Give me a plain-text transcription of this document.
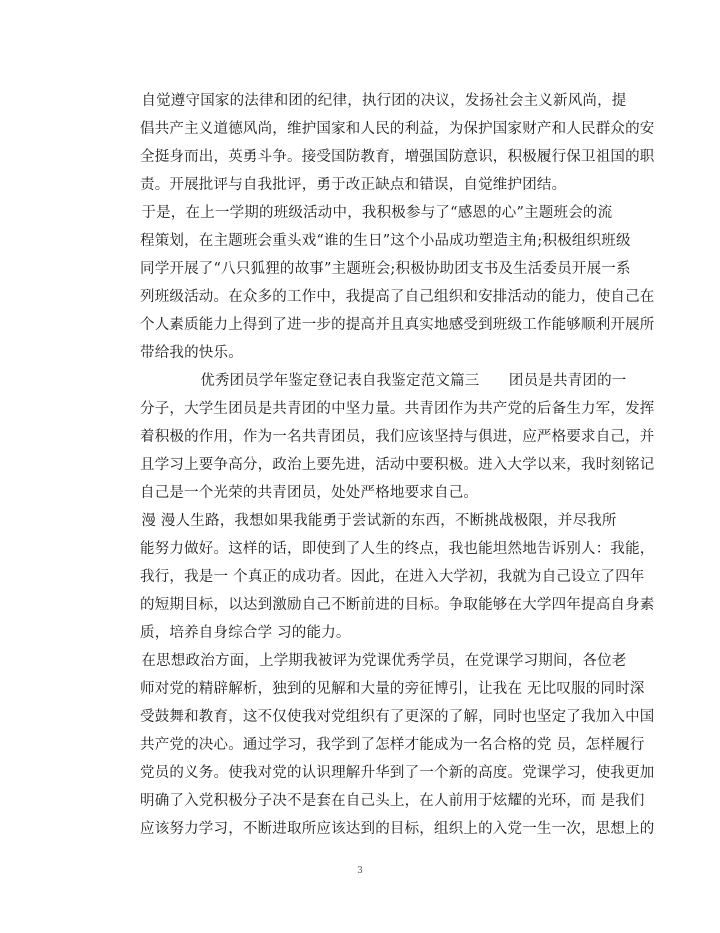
　　自觉遵守国家的法律和团的纪律，执行团的决议，发扬社会主义新风尚，提
倡共产主义道德风尚，维护国家和人民的利益，为保护国家财产和人民群众的安
全挺身而出，英勇斗争。接受国防教育，增强国防意识，积极履行保卫祖国的职
责。开展批评与自我批评，勇于改正缺点和错误，自觉维护团结。
　　于是，在上一学期的班级活动中，我积极参与了“感恩的心”主题班会的流
程策划，在主题班会重头戏“谁的生日”这个小品成功塑造主角;积极组织班级
同学开展了“八只狐狸的故事”主题班会;积极协助团支书及生活委员开展一系
列班级活动。在众多的工作中，我提高了自己组织和安排活动的能力，使自己在
个人素质能力上得到了进一步的提高并且真实地感受到班级工作能够顺利开展所
带给我的快乐。
　　　　　　优秀团员学年鉴定登记表自我鉴定范文篇三　　团员是共青团的一
分子，大学生团员是共青团的中坚力量。共青团作为共产党的后备生力军，发挥
着积极的作用，作为一名共青团员，我们应该坚持与俱进，应严格要求自己，并
且学习上要争高分，政治上要先进，活动中要积极。进入大学以来，我时刻铭记
自己是一个光荣的共青团员，处处严格地要求自己。
　　漫 漫人生路，我想如果我能勇于尝试新的东西，不断挑战极限，并尽我所
能努力做好。这样的话，即使到了人生的终点，我也能坦然地告诉别人：我能，
我行，我是一 个真正的成功者。因此，在进入大学初，我就为自己设立了四年
的短期目标，以达到激励自己不断前进的目标。争取能够在大学四年提高自身素
质，培养自身综合学 习的能力。
　　在思想政治方面，上学期我被评为党课优秀学员，在党课学习期间，各位老
师对党的精辟解析，独到的见解和大量的旁征博引，让我在 无比叹服的同时深
受鼓舞和教育，这不仅使我对党组织有了更深的了解，同时也坚定了我加入中国
共产党的决心。通过学习，我学到了怎样才能成为一名合格的党 员，怎样履行
党员的义务。使我对党的认识理解升华到了一个新的高度。党课学习，使我更加
明确了入党积极分子决不是套在自己头上，在人前用于炫耀的光环，而 是我们
应该努力学习，不断进取所应该达到的目标，组织上的入党一生一次，思想上的
3
